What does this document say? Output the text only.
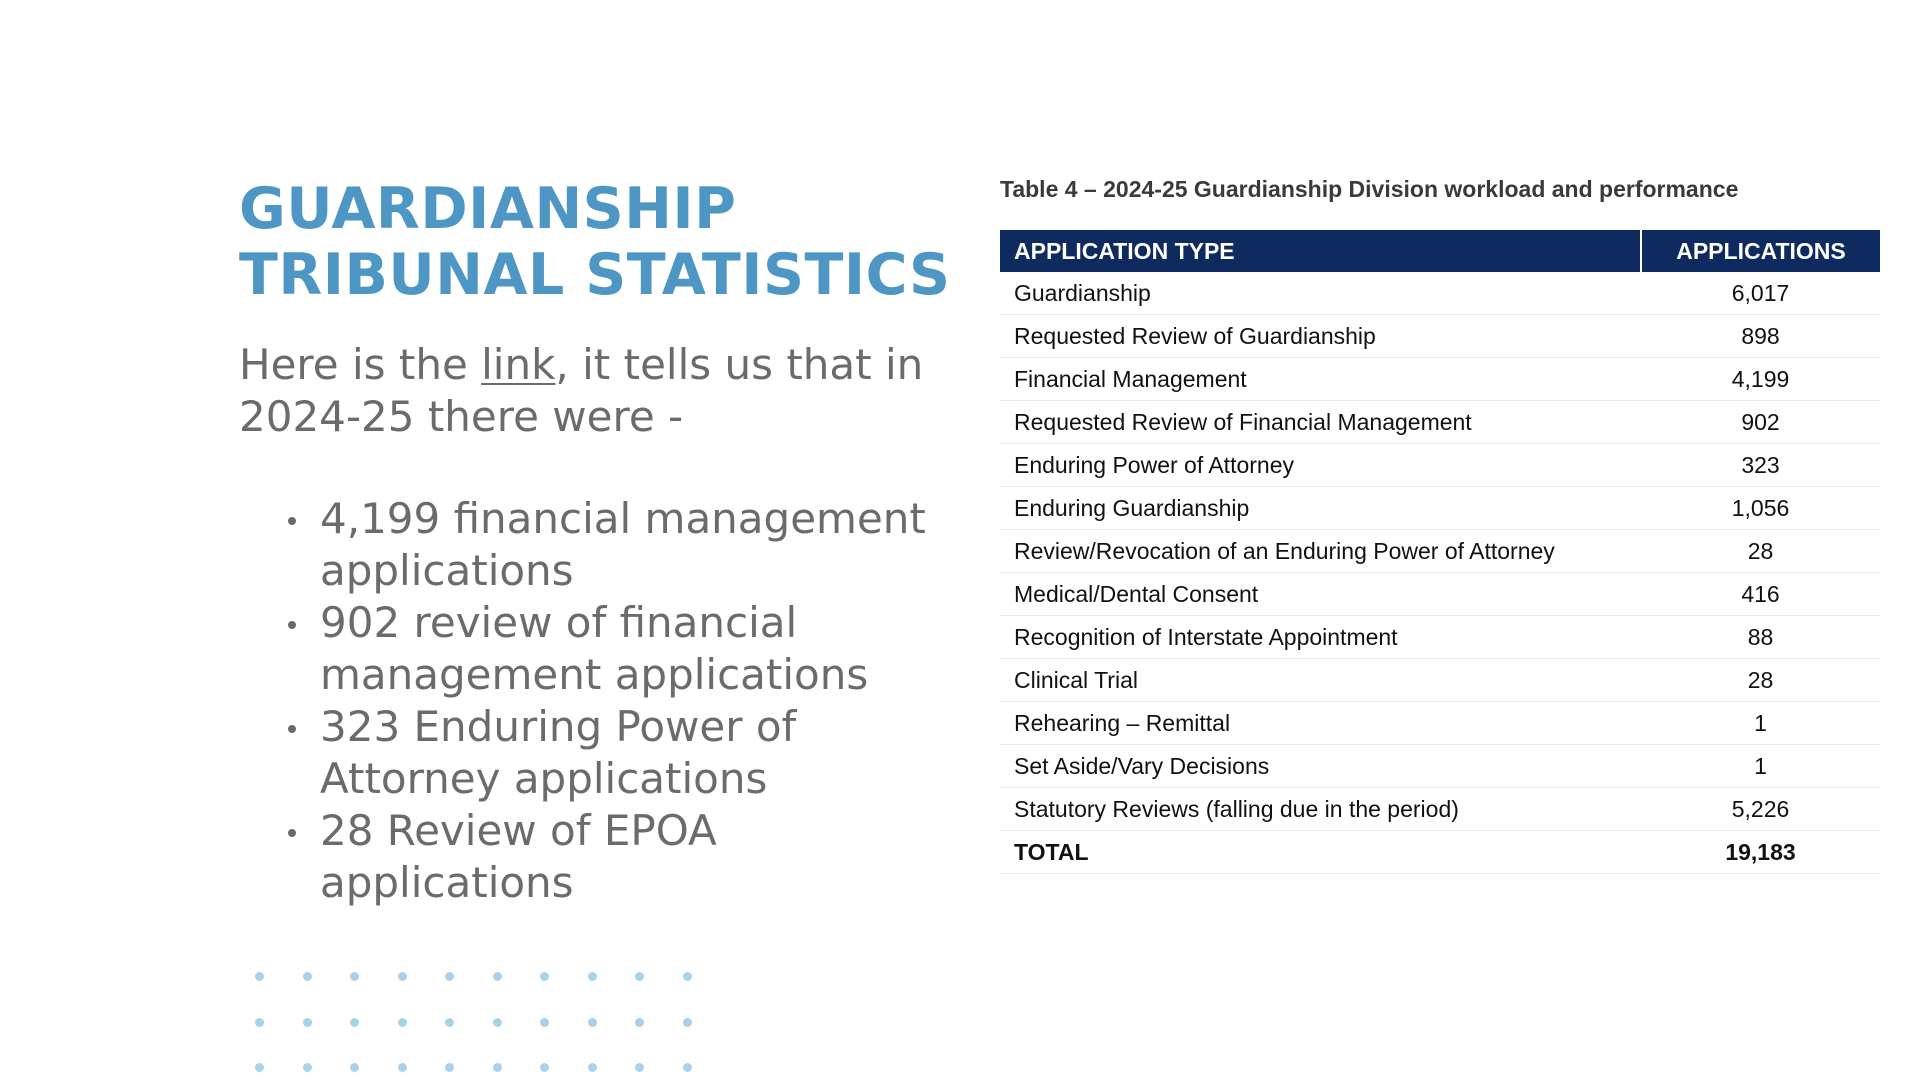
GUARDIANSHIP
TRIBUNAL STATISTICS

Here is the link, it tells us that in 2024-25 there were -

4,199 financial management applications
902 review of financial management applications
323 Enduring Power of Attorney applications
28 Review of EPOA applications

Table 4 – 2024-25 Guardianship Division workload and performance

APPLICATION TYPE	APPLICATIONS
Guardianship	6,017
Requested Review of Guardianship	898
Financial Management	4,199
Requested Review of Financial Management	902
Enduring Power of Attorney	323
Enduring Guardianship	1,056
Review/Revocation of an Enduring Power of Attorney	28
Medical/Dental Consent	416
Recognition of Interstate Appointment	88
Clinical Trial	28
Rehearing – Remittal	1
Set Aside/Vary Decisions	1
Statutory Reviews (falling due in the period)	5,226
TOTAL	19,183
